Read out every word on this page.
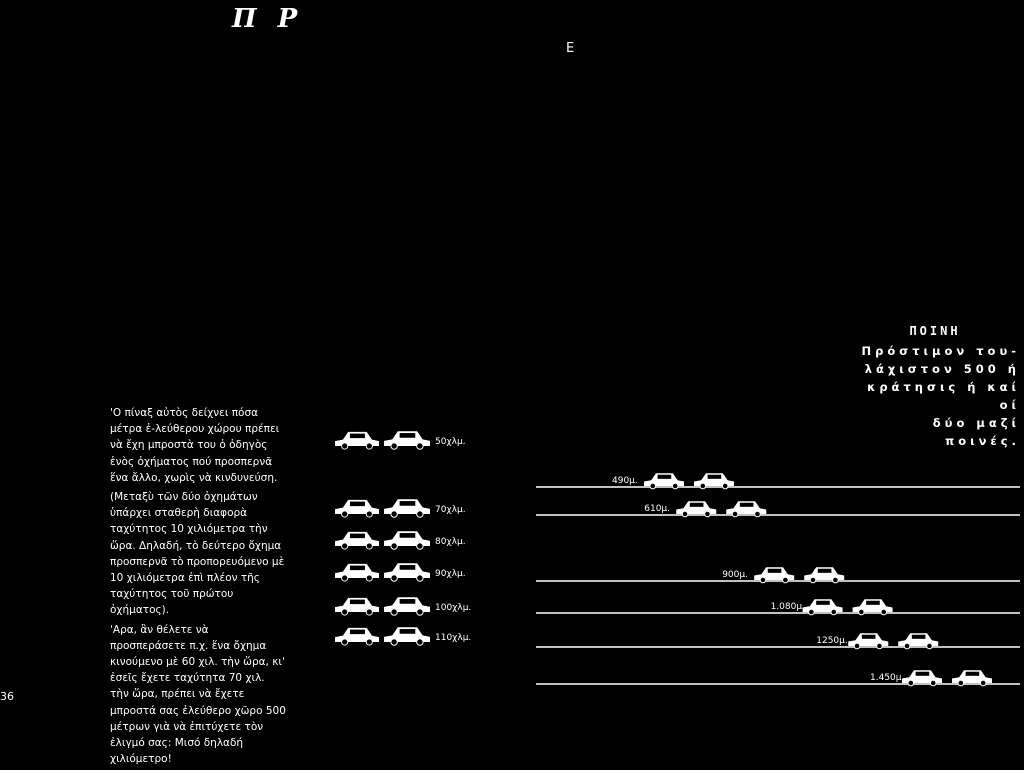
Π Ρ
E
ΠΟΙΝΗ

Πρόστιμον του-

λάχιστον 500 ή

κράτησις ή καί οί

δύο μαζί ποινές.

'Ο πίναξ αὐτὸς δείχνει πόσα μέτρα ἐ-λεύθερου χώρου πρέπει νὰ ἔχη μπροστὰ του ὁ ὁδηγὸς ἑνὸς ὀχήματος πού προσπερνᾶ ἕνα ἄλλο, χωρὶς νὰ κινδυνεύση.

(Μεταξὺ τῶν δύο ὀχημάτων ὑπάρχει σταθερὴ διαφορὰ ταχύτητος 10 χιλιόμετρα τὴν ὥρα. Δηλαδή, τὸ δεύτερο ὄχημα προσπερνᾶ τὸ προπορευόμενο μὲ 10 χιλιόμετρα ἐπὶ πλέον τῆς ταχύτητος τοῦ πρώτου ὀχήματος).

'Αρα, ἂν θέλετε νὰ προσπεράσετε π.χ. ἕνα ὄχημα κινούμενο μὲ 60 χιλ. τὴν ὥρα, κι' ἐσεῖς ἔχετε ταχύτητα 70 χιλ. τὴν ὥρα, πρέπει νὰ ἔχετε μπροστά σας ἐλεύθερο χῶρο 500 μέτρων γιὰ νὰ ἐπιτύχετε τὸν ἐλιγμό σας: Μισό δηλαδή χιλιόμετρο!

36
50χλμ.
490μ.
70χλμ.	610μ.
80χλμ.
900μ.
90χλμ.
1.080μ.
100χλμ.
1250μ.
110χλμ.
1.450μ.
